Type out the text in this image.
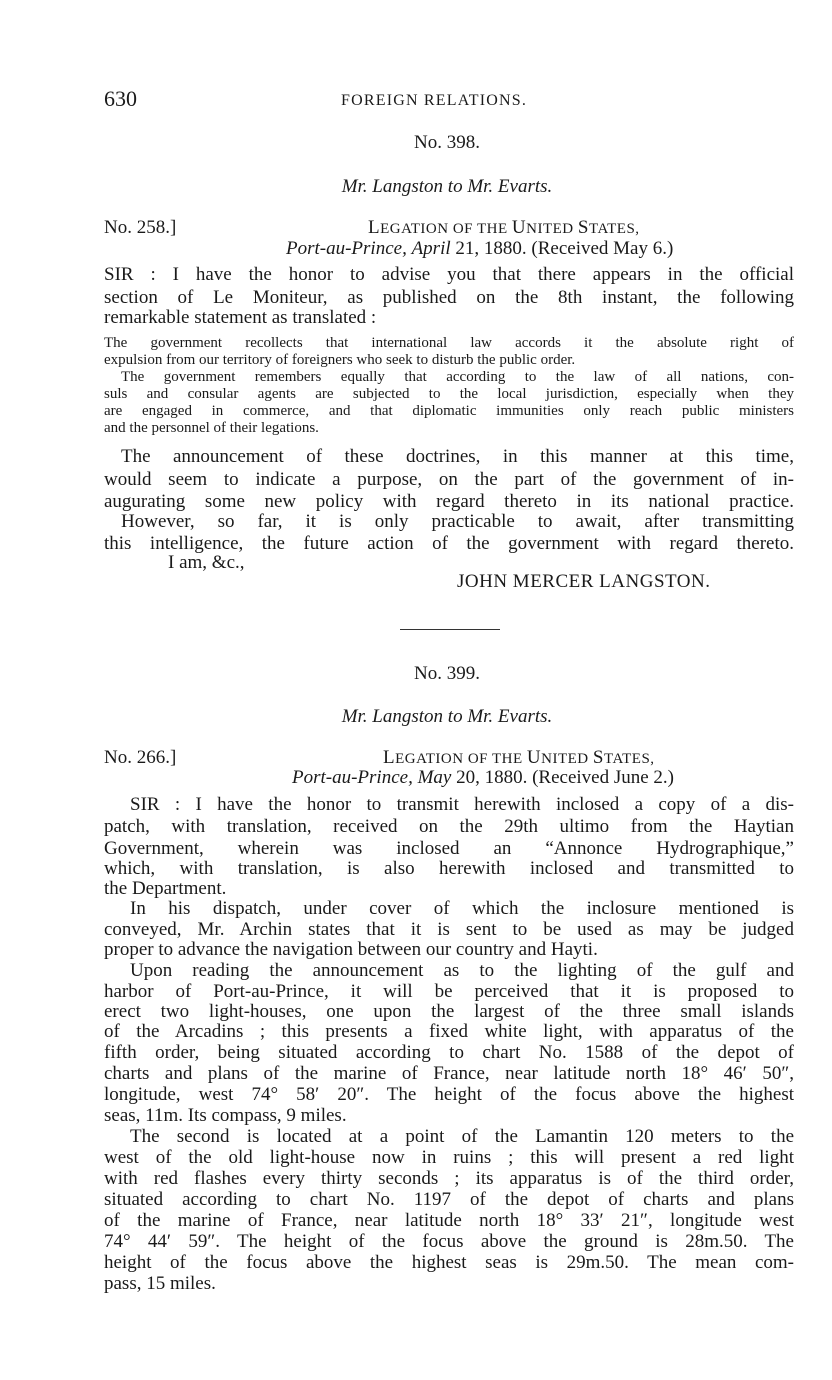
630	FOREIGN RELATIONS.
No. 398.
Mr. Langston to Mr. Evarts.
No. 258.]	LEGATION OF THE UNITED STATES,
Port-au-Prince, April 21, 1880. (Received May 6.)
SIR : I have the honor to advise you that there appears in the official
section of Le Moniteur, as published on the 8th instant, the following
remarkable statement as translated :
The government recollects that international law accords it the absolute right of
expulsion from our territory of foreigners who seek to disturb the public order.
The government remembers equally that according to the law of all nations, con-
suls and consular agents are subjected to the local jurisdiction, especially when they
are engaged in commerce, and that diplomatic immunities only reach public ministers
and the personnel of their legations.
The announcement of these doctrines, in this manner at this time,
would seem to indicate a purpose, on the part of the government of in-
augurating some new policy with regard thereto in its national practice.
However, so far, it is only practicable to await, after transmitting
this intelligence, the future action of the government with regard thereto.
I am, &c.,
JOHN MERCER LANGSTON.
No. 399.
Mr. Langston to Mr. Evarts.
No. 266.]	LEGATION OF THE UNITED STATES,
Port-au-Prince, May 20, 1880. (Received June 2.)
SIR : I have the honor to transmit herewith inclosed a copy of a dis-
patch, with translation, received on the 29th ultimo from the Haytian
Government, wherein was inclosed an “Annonce Hydrographique,”
which, with translation, is also herewith inclosed and transmitted to
the Department.
In his dispatch, under cover of which the inclosure mentioned is
conveyed, Mr. Archin states that it is sent to be used as may be judged
proper to advance the navigation between our country and Hayti.
Upon reading the announcement as to the lighting of the gulf and
harbor of Port-au-Prince, it will be perceived that it is proposed to
erect two light-houses, one upon the largest of the three small islands
of the Arcadins ; this presents a fixed white light, with apparatus of the
fifth order, being situated according to chart No. 1588 of the depot of
charts and plans of the marine of France, near latitude north 18° 46′ 50″,
longitude, west 74° 58′ 20″. The height of the focus above the highest
seas, 11m. Its compass, 9 miles.
The second is located at a point of the Lamantin 120 meters to the
west of the old light-house now in ruins ; this will present a red light
with red flashes every thirty seconds ; its apparatus is of the third order,
situated according to chart No. 1197 of the depot of charts and plans
of the marine of France, near latitude north 18° 33′ 21″, longitude west
74° 44′ 59″. The height of the focus above the ground is 28m.50. The
height of the focus above the highest seas is 29m.50. The mean com-
pass, 15 miles.
